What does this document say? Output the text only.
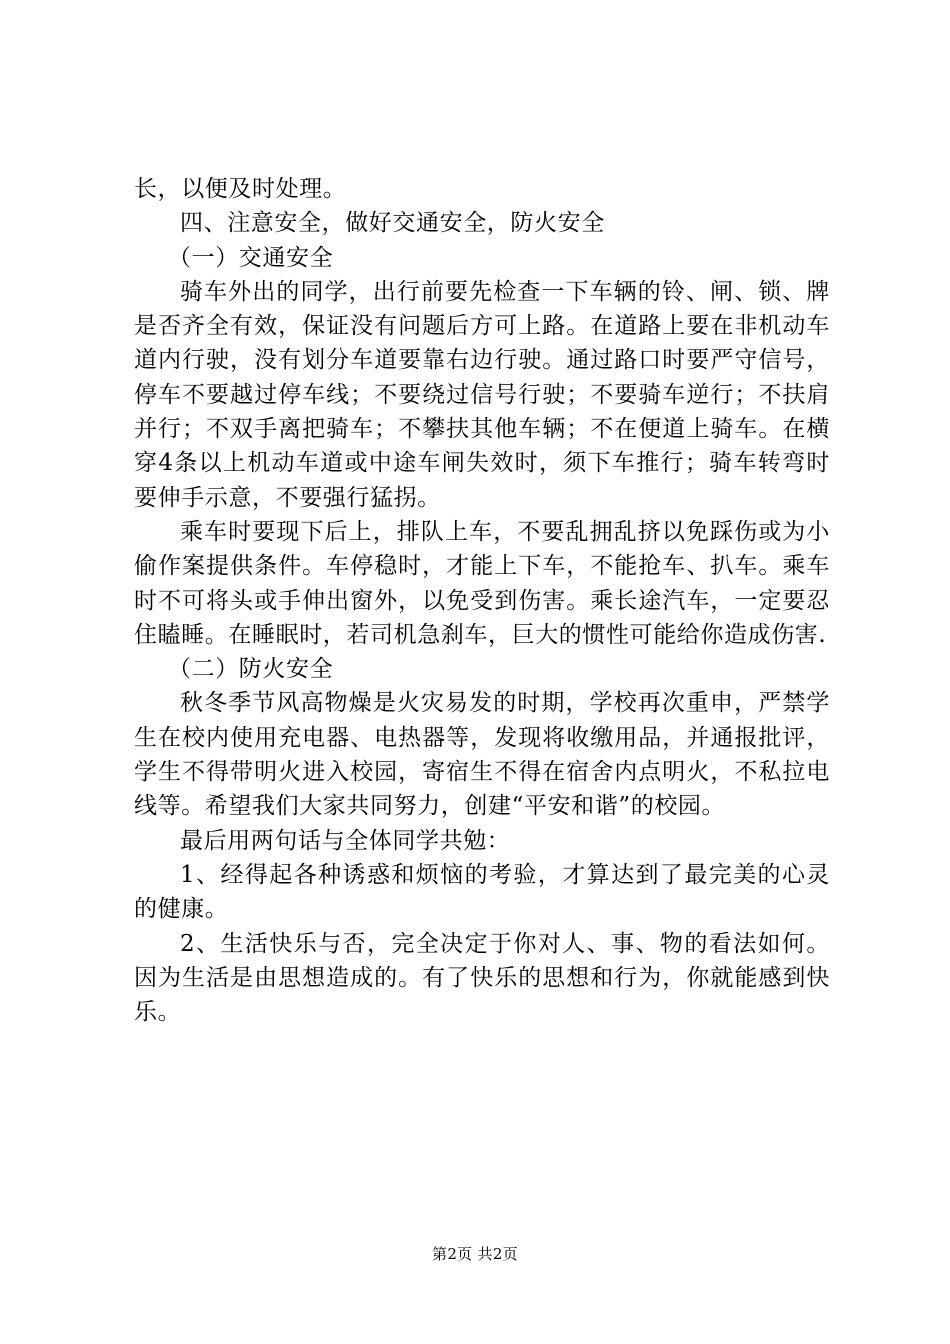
长，以便及时处理。

四、注意安全，做好交通安全，防火安全

（一）交通安全

骑车外出的同学，出行前要先检查一下车辆的铃、闸、锁、牌是否齐全有效，保证没有问题后方可上路。在道路上要在非机动车道内行驶，没有划分车道要靠右边行驶。通过路口时要严守信号，停车不要越过停车线；不要绕过信号行驶；不要骑车逆行；不扶肩并行；不双手离把骑车；不攀扶其他车辆；不在便道上骑车。在横穿4条以上机动车道或中途车闸失效时，须下车推行；骑车转弯时要伸手示意，不要强行猛拐。

乘车时要现下后上，排队上车，不要乱拥乱挤以免踩伤或为小偷作案提供条件。车停稳时，才能上下车，不能抢车、扒车。乘车时不可将头或手伸出窗外，以免受到伤害。乘长途汽车，一定要忍住瞌睡。在睡眠时，若司机急刹车，巨大的惯性可能给你造成伤害.

（二）防火安全

秋冬季节风高物燥是火灾易发的时期，学校再次重申，严禁学生在校内使用充电器、电热器等，发现将收缴用品，并通报批评，学生不得带明火进入校园，寄宿生不得在宿舍内点明火，不私拉电线等。希望我们大家共同努力，创建“平安和谐”的校园。

最后用两句话与全体同学共勉：

1、经得起各种诱惑和烦恼的考验，才算达到了最完美的心灵的健康。

2、生活快乐与否，完全决定于你对人、事、物的看法如何。因为生活是由思想造成的。有了快乐的思想和行为，你就能感到快乐。

第2页 共2页
